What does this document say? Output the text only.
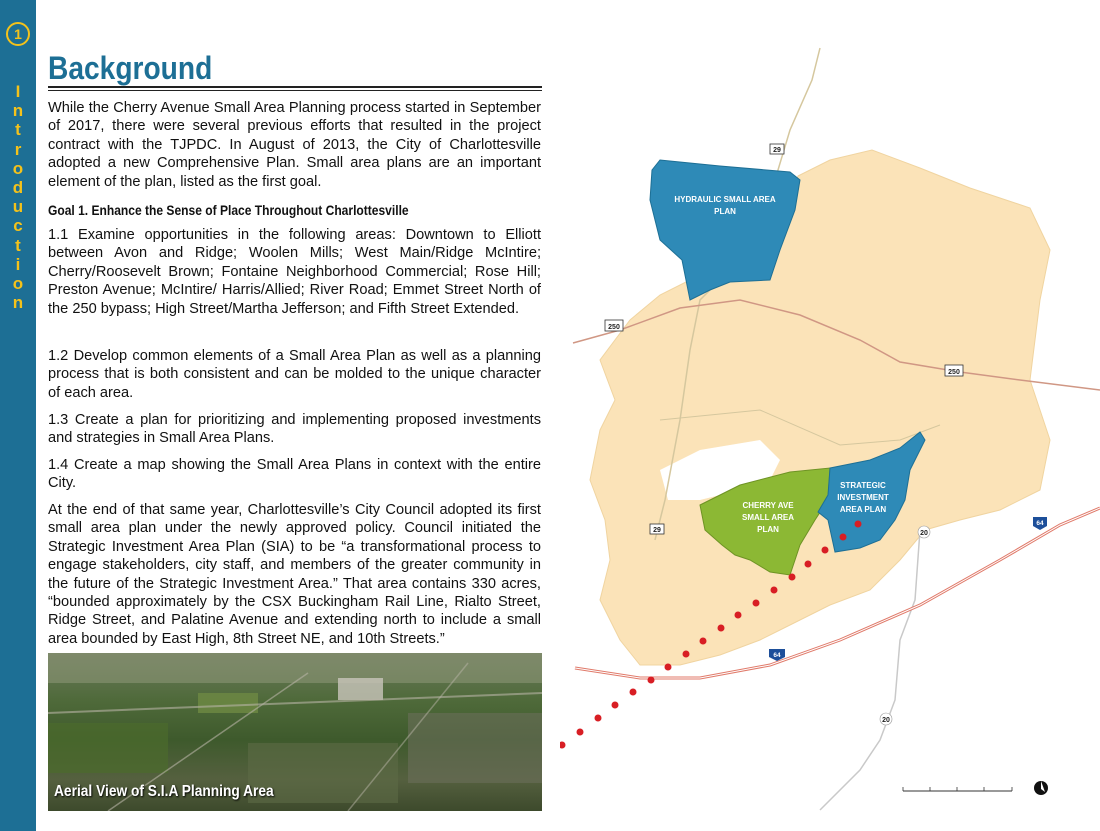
1
I
n
t
r
o
d
u
c
t
i
o
n
Background
While the Cherry Avenue Small Area Planning process started in September of 2017, there were several previous efforts that resulted in the project contract with the TJPDC. In August of 2013, the City of Charlottesville adopted a new Comprehensive Plan. Small area plans are an important element of the plan, listed as the first goal.
Goal 1. Enhance the Sense of Place Throughout Charlottesville
1.1 Examine opportunities in the following areas: Downtown to Elliott between Avon and Ridge; Woolen Mills; West Main/Ridge McIntire; Cherry/Roosevelt Brown; Fontaine Neighborhood Commercial; Rose Hill; Preston Avenue; McIntire/ Harris/Allied; River Road; Emmet Street North of the 250 bypass; High Street/Martha Jefferson; and Fifth Street Extended.
1.2 Develop common elements of a Small Area Plan as well as a planning process that is both consistent and can be molded to the unique character of each area.
1.3 Create a plan for prioritizing and implementing proposed investments and strategies in Small Area Plans.
1.4 Create a map showing the Small Area Plans in context with the entire City.
At the end of that same year, Charlottesville’s City Council adopted its first small area plan under the newly approved policy. Council initiated the Strategic Investment Area Plan (SIA) to be “a transformational process to engage stakeholders, city staff, and members of the greater community in the future of the Strategic Investment Area.” That area contains 330 acres, “bounded approximately by the CSX Buckingham Rail Line, Rialto Street, Ridge Street, and Palatine Avenue and extending north to include a small area bounded by East High, 8th Street NE, and 10th Streets.”
Aerial View of S.I.A Planning Area
HYDRAULIC SMALL AREA
PLAN
CHERRY AVE
SMALL AREA
PLAN
STRATEGIC
INVESTMENT
AREA PLAN
29
29
250
250
20
20
64
64
